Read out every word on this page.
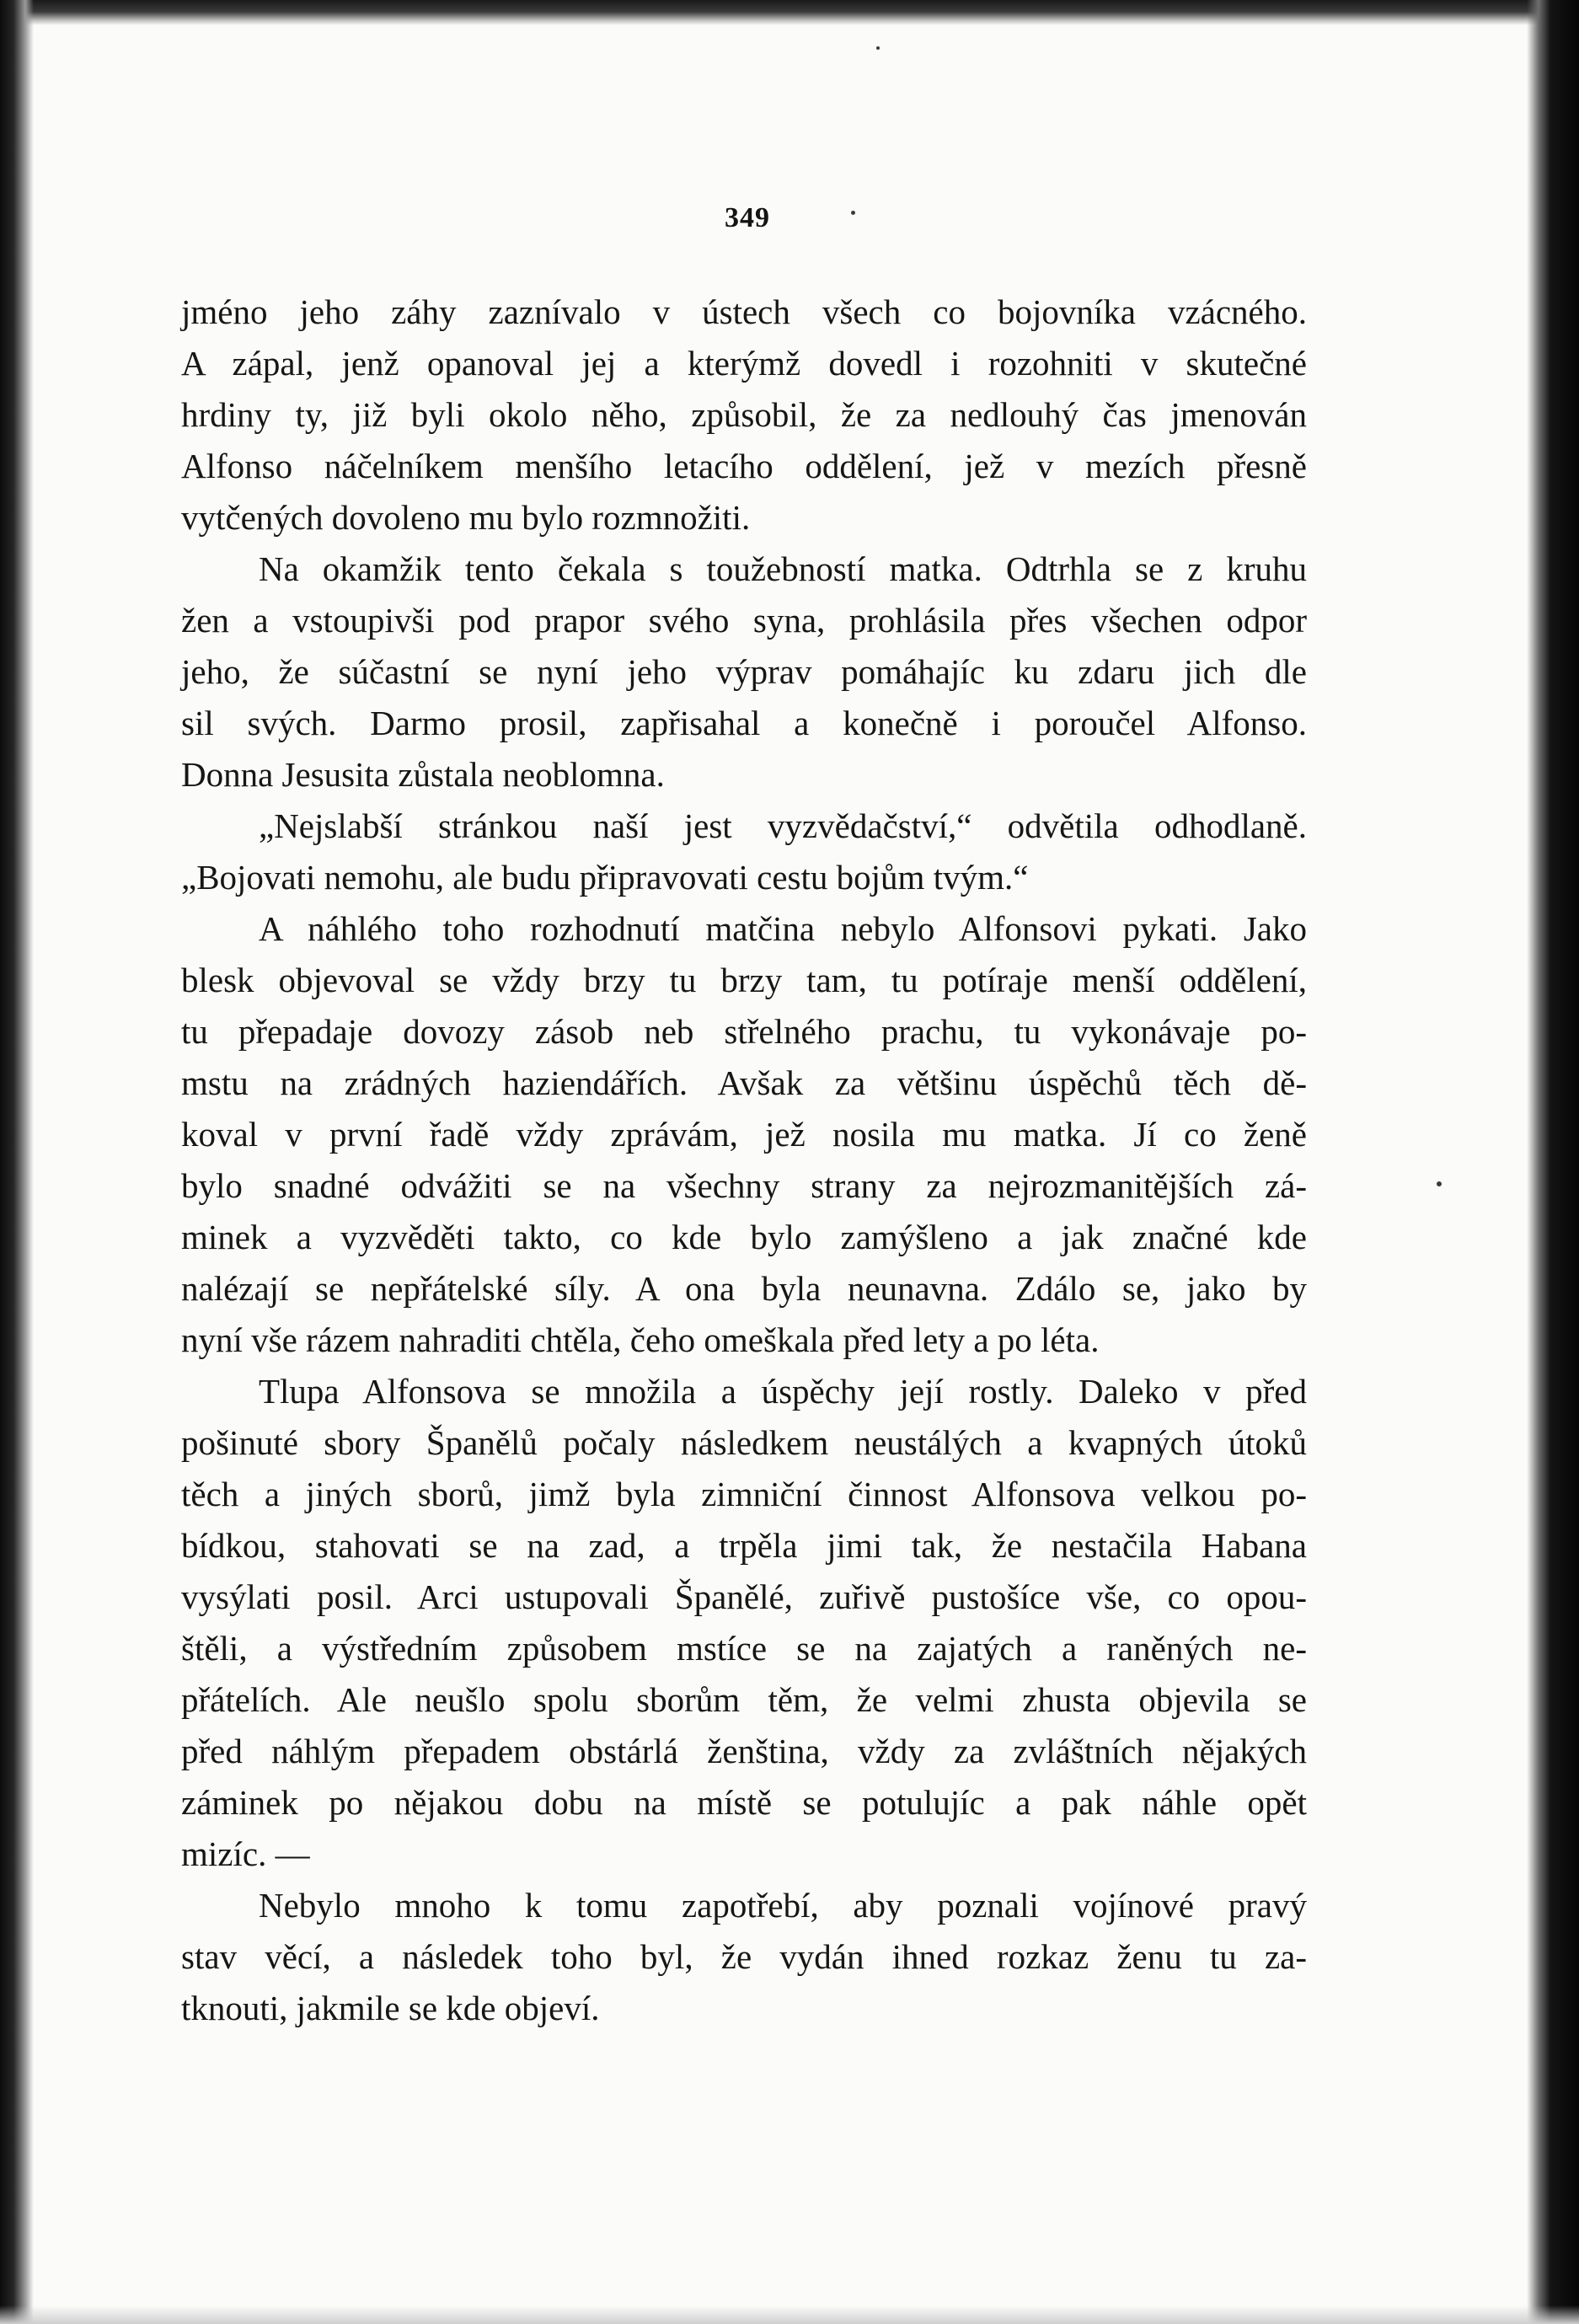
349
jméno jeho záhy zaznívalo v ústech všech co bojovníka vzácného.
A zápal, jenž opanoval jej a kterýmž dovedl i rozohniti v skutečné
hrdiny ty, již byli okolo něho, způsobil, že za nedlouhý čas jmenován
Alfonso náčelníkem menšího letacího oddělení, jež v mezích přesně
vytčených dovoleno mu bylo rozmnožiti.
Na okamžik tento čekala s toužebností matka. Odtrhla se z kruhu
žen a vstoupivši pod prapor svého syna, prohlásila přes všechen odpor
jeho, že súčastní se nyní jeho výprav pomáhajíc ku zdaru jich dle
sil svých. Darmo prosil, zapřisahal a konečně i poroučel Alfonso.
Donna Jesusita zůstala neoblomna.
„Nejslabší stránkou naší jest vyzvědačství,“ odvětila odhodlaně.
„Bojovati nemohu, ale budu připravovati cestu bojům tvým.“
A náhlého toho rozhodnutí matčina nebylo Alfonsovi pykati. Jako
blesk objevoval se vždy brzy tu brzy tam, tu potíraje menší oddělení,
tu přepadaje dovozy zásob neb střelného prachu, tu vykonávaje po-
mstu na zrádných haziendářích. Avšak za většinu úspěchů těch dě-
koval v první řadě vždy zprávám, jež nosila mu matka. Jí co ženě
bylo snadné odvážiti se na všechny strany za nejrozmanitějších zá-
minek a vyzvěděti takto, co kde bylo zamýšleno a jak značné kde
nalézají se nepřátelské síly. A ona byla neunavna. Zdálo se, jako by
nyní vše rázem nahraditi chtěla, čeho omeškala před lety a po léta.
Tlupa Alfonsova se množila a úspěchy její rostly. Daleko v před
pošinuté sbory Španělů počaly následkem neustálých a kvapných útoků
těch a jiných sborů, jimž byla zimniční činnost Alfonsova velkou po-
bídkou, stahovati se na zad, a trpěla jimi tak, že nestačila Habana
vysýlati posil. Arci ustupovali Španělé, zuřivě pustošíce vše, co opou-
štěli, a výstředním způsobem mstíce se na zajatých a raněných ne-
přátelích. Ale neušlo spolu sborům těm, že velmi zhusta objevila se
před náhlým přepadem obstárlá ženština, vždy za zvláštních nějakých
záminek po nějakou dobu na místě se potulujíc a pak náhle opět
mizíc. —
Nebylo mnoho k tomu zapotřebí, aby poznali vojínové pravý
stav věcí, a následek toho byl, že vydán ihned rozkaz ženu tu za-
tknouti, jakmile se kde objeví.
